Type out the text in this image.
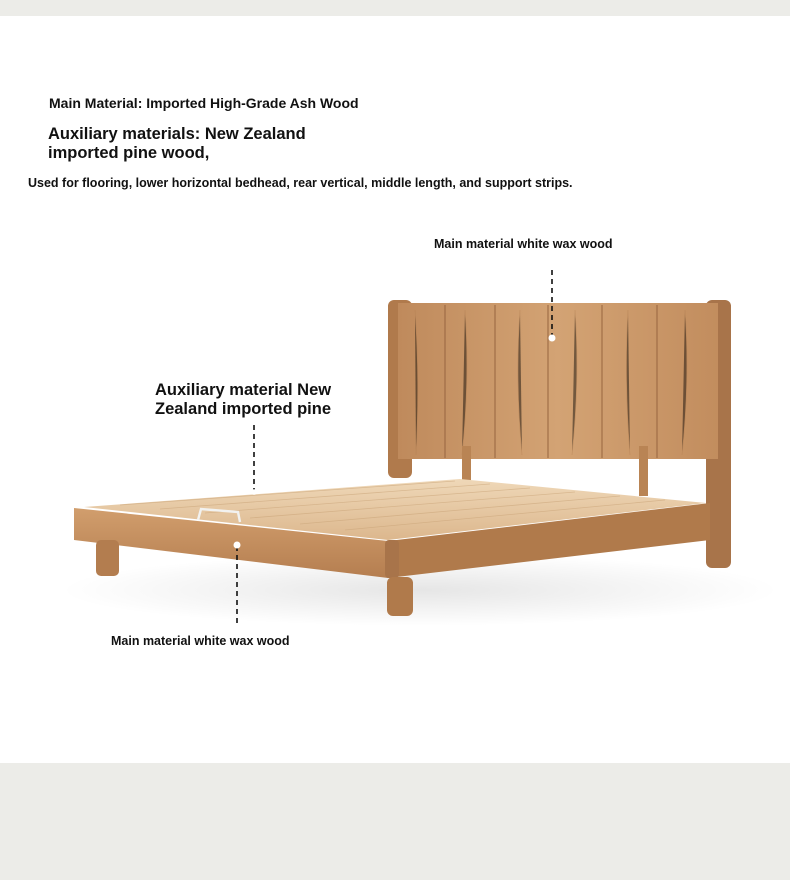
Main Material: Imported High-Grade Ash Wood
Auxiliary materials: New Zealand
imported pine wood,
Used for flooring, lower horizontal bedhead, rear vertical, middle length, and support strips.
Main material white wax wood
Auxiliary material New
Zealand imported pine
Main material white wax wood
